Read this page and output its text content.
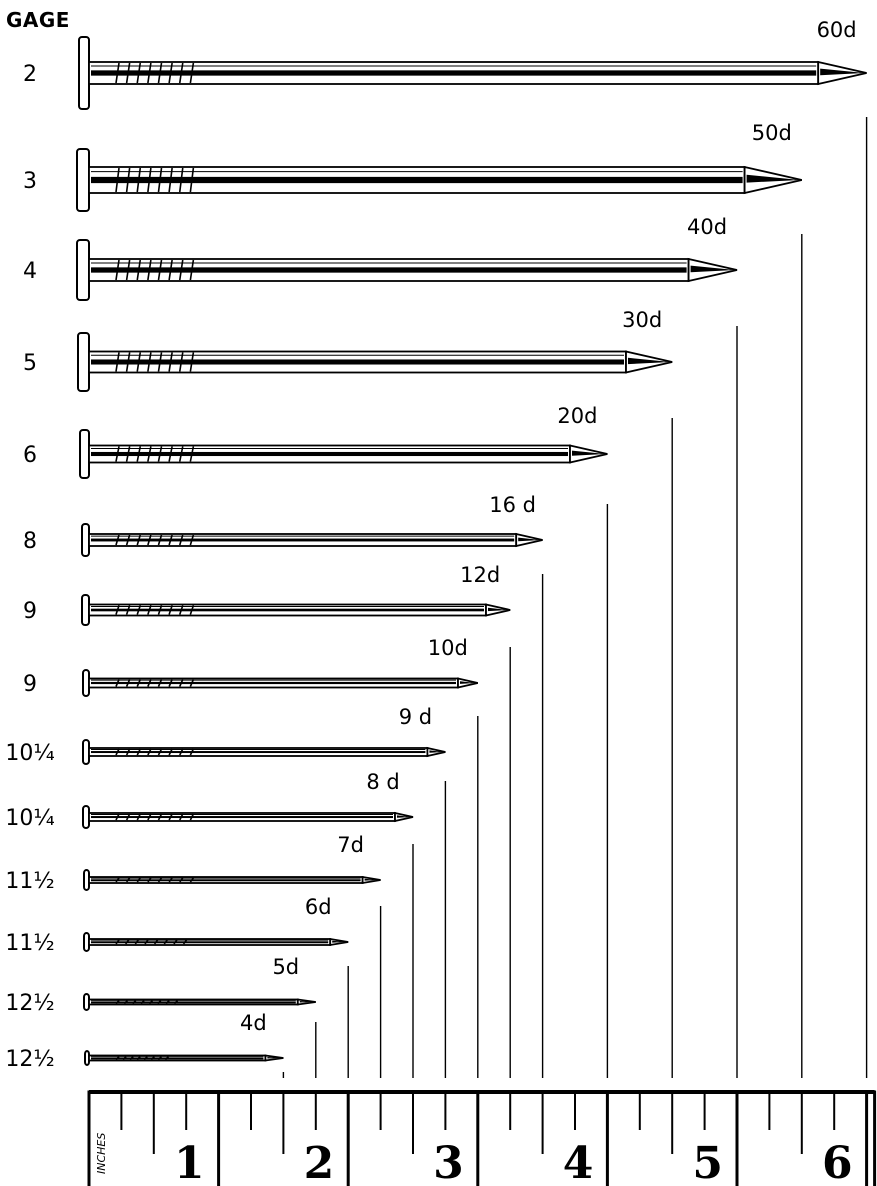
GAGE
2
60d
3
50d
4
40d
5
30d
6
20d
8
16 d
9
12d
9
10d
10¼
9 d
10¼
8 d
11½
7d
11½
6d
12½
5d
12½
4d
1 2 3 4 5 6
INCHES
